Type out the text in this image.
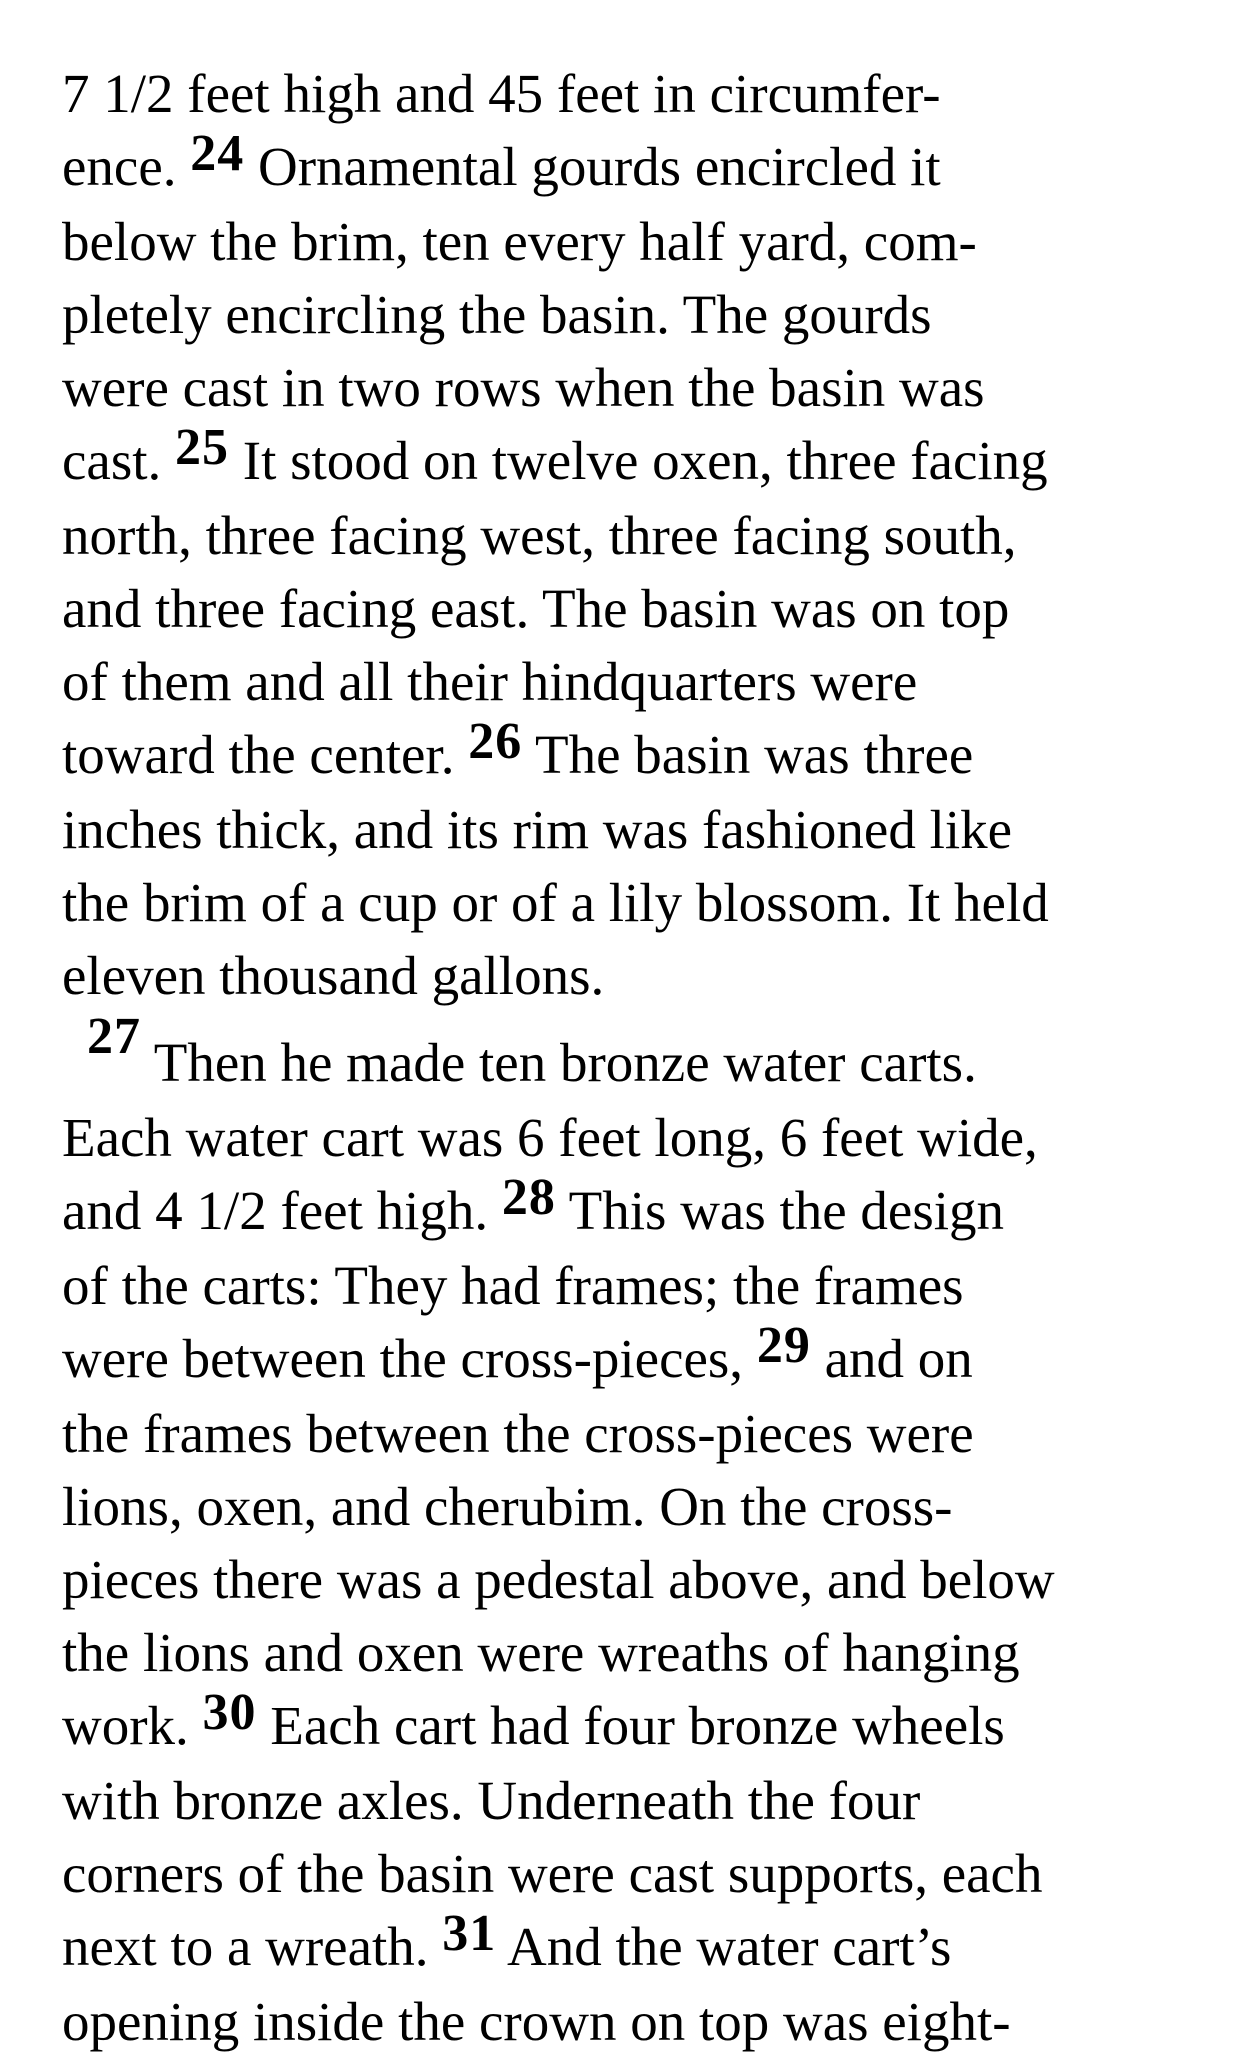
7 1/2 feet high and 45 feet in circumfer-
ence. 24 Ornamental gourds encircled it
below the brim, ten every half yard, com-
pletely encircling the basin. The gourds
were cast in two rows when the basin was
cast. 25 It stood on twelve oxen, three facing
north, three facing west, three facing south,
and three facing east. The basin was on top
of them and all their hindquarters were
toward the center. 26 The basin was three
inches thick, and its rim was fashioned like
the brim of a cup or of a lily blossom. It held
eleven thousand gallons.
27 Then he made ten bronze water carts.
Each water cart was 6 feet long, 6 feet wide,
and 4 1/2 feet high. 28 This was the design
of the carts: They had frames; the frames
were between the cross-pieces, 29 and on
the frames between the cross-pieces were
lions, oxen, and cherubim. On the cross-
pieces there was a pedestal above, and below
the lions and oxen were wreaths of hanging
work. 30 Each cart had four bronze wheels
with bronze axles. Underneath the four
corners of the basin were cast supports, each
next to a wreath. 31 And the water cart’s
opening inside the crown on top was eight-
